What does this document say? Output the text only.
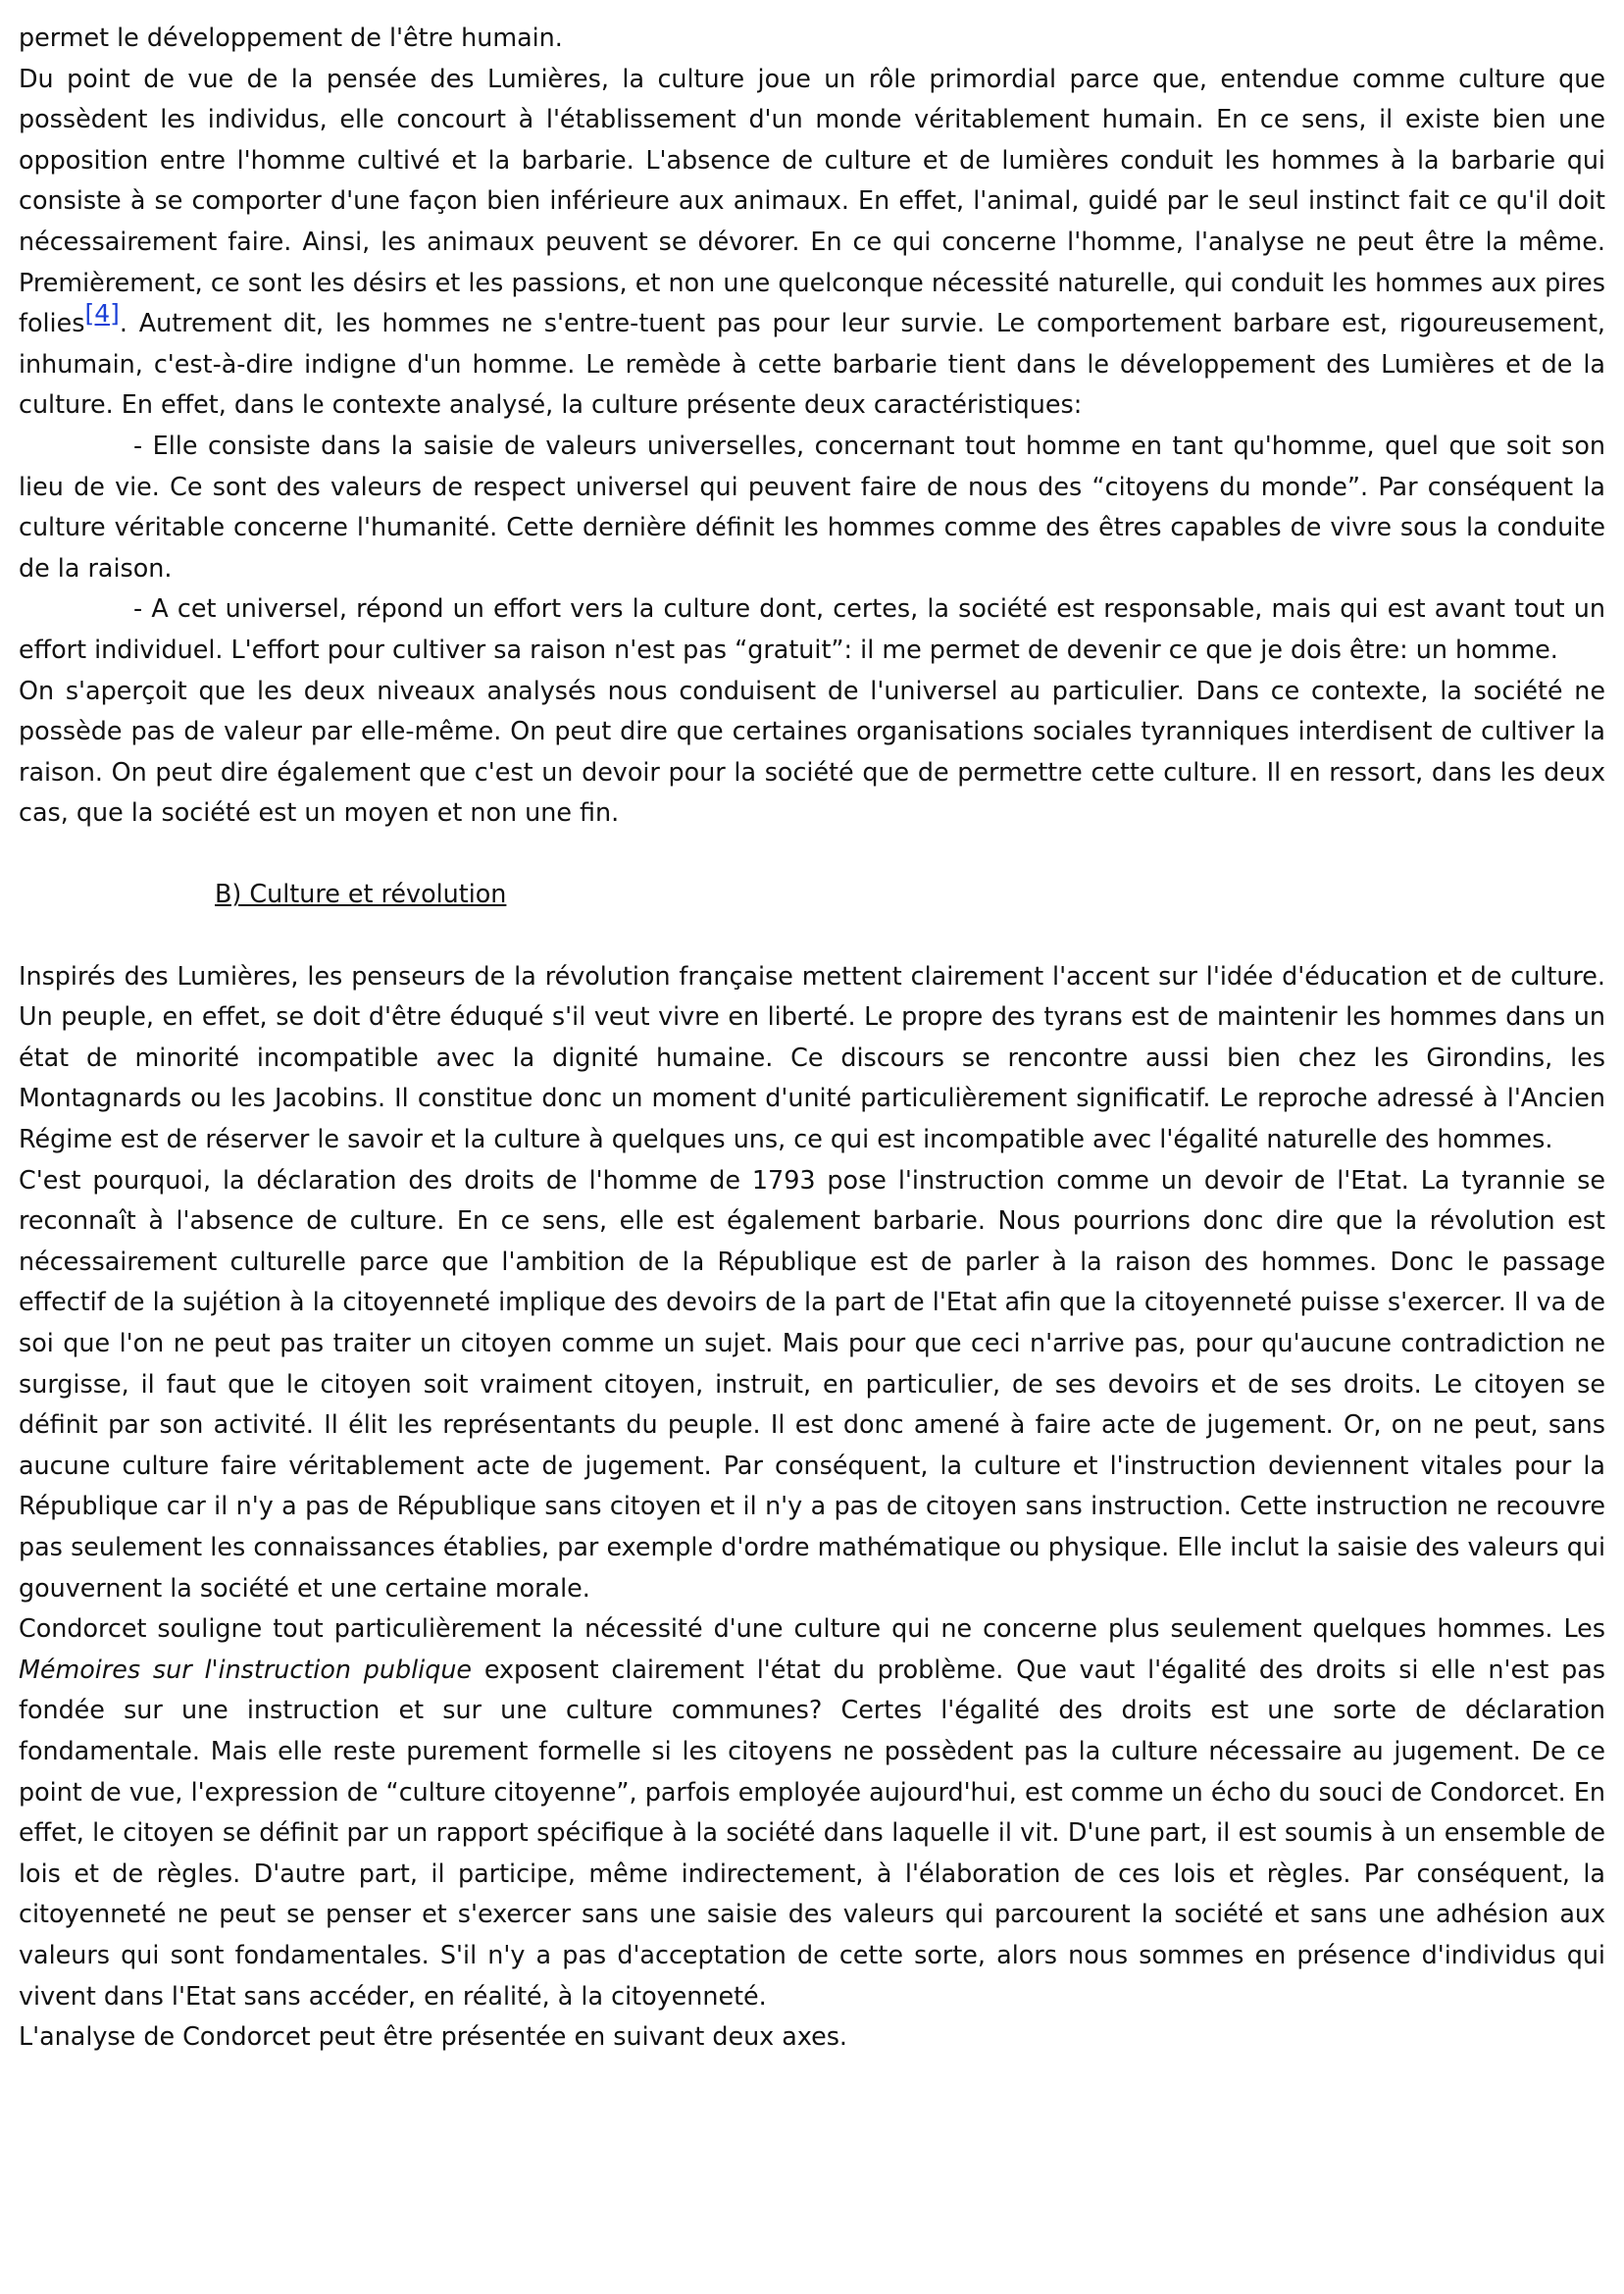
permet le développement de l'être humain.

Du point de vue de la pensée des Lumières, la culture joue un rôle primordial parce que, entendue comme culture que possèdent les individus, elle concourt à l'établissement d'un monde véritablement humain. En ce sens, il existe bien une opposition entre l'homme cultivé et la barbarie. L'absence de culture et de lumières conduit les hommes à la barbarie qui consiste à se comporter d'une façon bien inférieure aux animaux. En effet, l'animal, guidé par le seul instinct fait ce qu'il doit nécessairement faire. Ainsi, les animaux peuvent se dévorer. En ce qui concerne l'homme, l'analyse ne peut être la même. Premièrement, ce sont les désirs et les passions, et non une quelconque nécessité naturelle, qui conduit les hommes aux pires folies[4]. Autrement dit, les hommes ne s'entre-tuent pas pour leur survie. Le comportement barbare est, rigoureusement, inhumain, c'est-à-dire indigne d'un homme. Le remède à cette barbarie tient dans le développement des Lumières et de la culture. En effet, dans le contexte analysé, la culture présente deux caractéristiques:

- Elle consiste dans la saisie de valeurs universelles, concernant tout homme en tant qu'homme, quel que soit son lieu de vie. Ce sont des valeurs de respect universel qui peuvent faire de nous des “citoyens du monde”. Par conséquent la culture véritable concerne l'humanité. Cette dernière définit les hommes comme des êtres capables de vivre sous la conduite de la raison.

- A cet universel, répond un effort vers la culture dont, certes, la société est responsable, mais qui est avant tout un effort individuel. L'effort pour cultiver sa raison n'est pas “gratuit”: il me permet de devenir ce que je dois être: un homme.

On s'aperçoit que les deux niveaux analysés nous conduisent de l'universel au particulier. Dans ce contexte, la société ne possède pas de valeur par elle-même. On peut dire que certaines organisations sociales tyranniques interdisent de cultiver la raison. On peut dire également que c'est un devoir pour la société que de permettre cette culture. Il en ressort, dans les deux cas, que la société est un moyen et non une fin.

B) Culture et révolution

Inspirés des Lumières, les penseurs de la révolution française mettent clairement l'accent sur l'idée d'éducation et de culture. Un peuple, en effet, se doit d'être éduqué s'il veut vivre en liberté. Le propre des tyrans est de maintenir les hommes dans un état de minorité incompatible avec la dignité humaine. Ce discours se rencontre aussi bien chez les Girondins, les Montagnards ou les Jacobins. Il constitue donc un moment d'unité particulièrement significatif. Le reproche adressé à l'Ancien Régime est de réserver le savoir et la culture à quelques uns, ce qui est incompatible avec l'égalité naturelle des hommes.

C'est pourquoi, la déclaration des droits de l'homme de 1793 pose l'instruction comme un devoir de l'Etat. La tyrannie se reconnaît à l'absence de culture. En ce sens, elle est également barbarie. Nous pourrions donc dire que la révolution est nécessairement culturelle parce que l'ambition de la République est de parler à la raison des hommes. Donc le passage effectif de la sujétion à la citoyenneté implique des devoirs de la part de l'Etat afin que la citoyenneté puisse s'exercer. Il va de soi que l'on ne peut pas traiter un citoyen comme un sujet. Mais pour que ceci n'arrive pas, pour qu'aucune contradiction ne surgisse, il faut que le citoyen soit vraiment citoyen, instruit, en particulier, de ses devoirs et de ses droits. Le citoyen se définit par son activité. Il élit les représentants du peuple. Il est donc amené à faire acte de jugement. Or, on ne peut, sans aucune culture faire véritablement acte de jugement. Par conséquent, la culture et l'instruction deviennent vitales pour la République car il n'y a pas de République sans citoyen et il n'y a pas de citoyen sans instruction. Cette instruction ne recouvre pas seulement les connaissances établies, par exemple d'ordre mathématique ou physique. Elle inclut la saisie des valeurs qui gouvernent la société et une certaine morale.

Condorcet souligne tout particulièrement la nécessité d'une culture qui ne concerne plus seulement quelques hommes. Les Mémoires sur l'instruction publique exposent clairement l'état du problème. Que vaut l'égalité des droits si elle n'est pas fondée sur une instruction et sur une culture communes? Certes l'égalité des droits est une sorte de déclaration fondamentale. Mais elle reste purement formelle si les citoyens ne possèdent pas la culture nécessaire au jugement. De ce point de vue, l'expression de “culture citoyenne”, parfois employée aujourd'hui, est comme un écho du souci de Condorcet. En effet, le citoyen se définit par un rapport spécifique à la société dans laquelle il vit. D'une part, il est soumis à un ensemble de lois et de règles. D'autre part, il participe, même indirectement, à l'élaboration de ces lois et règles. Par conséquent, la citoyenneté ne peut se penser et s'exercer sans une saisie des valeurs qui parcourent la société et sans une adhésion aux valeurs qui sont fondamentales. S'il n'y a pas d'acceptation de cette sorte, alors nous sommes en présence d'individus qui vivent dans l'Etat sans accéder, en réalité, à la citoyenneté.

L'analyse de Condorcet peut être présentée en suivant deux axes.
